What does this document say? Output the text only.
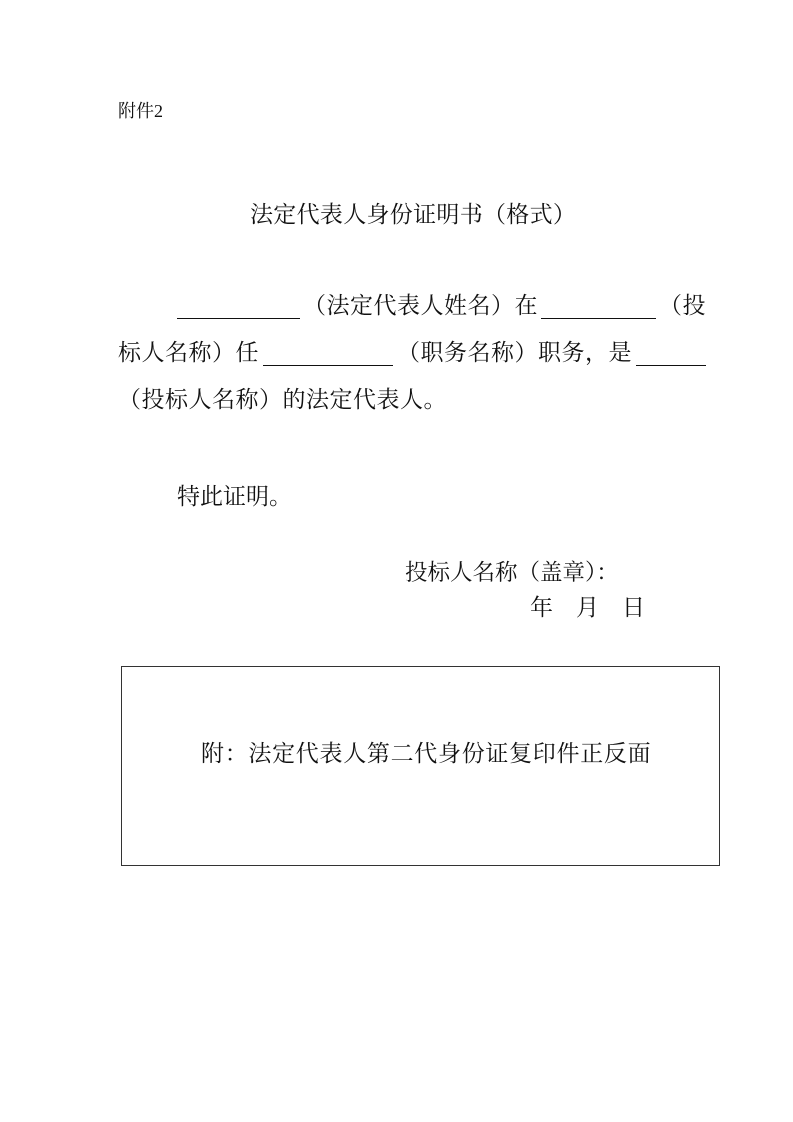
附件2
法定代表人身份证明书（格式）
（法定代表人姓名）在	（投
标人名称）任	（职务名称）职务，是
（投标人名称）的法定代表人。
特此证明。
投标人名称（盖章）：
年　月　日
附：法定代表人第二代身份证复印件正反面
